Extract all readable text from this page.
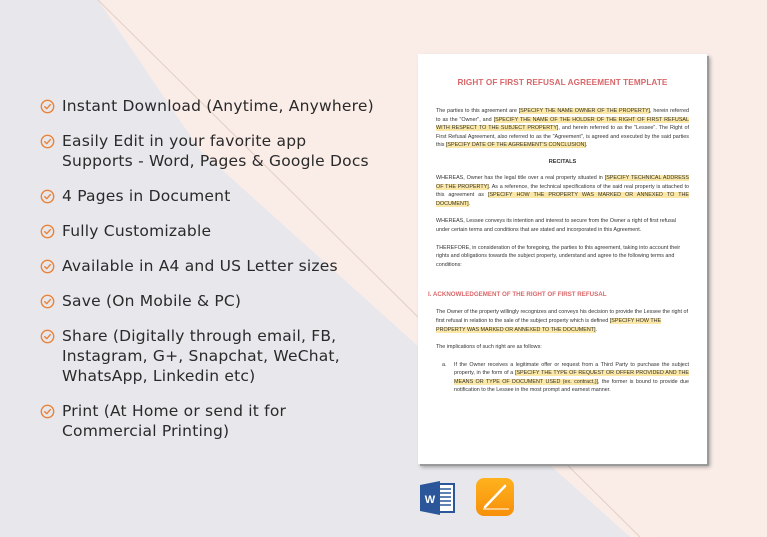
Instant Download (Anytime, Anywhere)
Easily Edit in your favorite app
Supports - Word, Pages & Google Docs
4 Pages in Document
Fully Customizable
Available in A4 and US Letter sizes
Save (On Mobile & PC)
Share (Digitally through email, FB,
Instagram, G+, Snapchat, WeChat,
WhatsApp, Linkedin etc)
Print (At Home or send it for
Commercial Printing)
RIGHT OF FIRST REFUSAL AGREEMENT TEMPLATE
The parties to this agreement are [SPECIFY THE NAME OWNER OF THE PROPERTY], herein referred to as the "Owner", and [SPECIFY THE NAME OF THE HOLDER OF THE RIGHT OF FIRST REFUSAL WITH RESPECT TO THE SUBJECT PROPERTY], and herein referred to as the "Lessee". The Right of First Refusal Agreement, also referred to as the "Agreement", is agreed and executed by the said parties this [SPECIFY DATE OF THE AGREEMENT'S CONCLUSION].
RECITALS
WHEREAS, Owner has the legal title over a real property situated in [SPECIFY TECHNICAL ADDRESS OF THE PROPERTY]. As a reference, the technical specifications of the said real property is attached to this agreement as [SPECIFY HOW THE PROPERTY WAS MARKED OR ANNEXED TO THE DOCUMENT].
WHEREAS, Lessee conveys its intention and interest to secure from the Owner a right of first refusal under certain terms and conditions that are stated and incorporated in this Agreement.
THEREFORE, in consideration of the foregoing, the parties to this agreement, taking into account their rights and obligations towards the subject property, understand and agree to the following terms and conditions:
I. ACKNOWLEDGEMENT OF THE RIGHT OF FIRST REFUSAL
The Owner of the property willingly recognizes and conveys his decision to provide the Lessee the right of first refusal in relation to the sale of the subject property which is defined [SPECIFY HOW THE PROPERTY WAS MARKED OR ANNEXED TO THE DOCUMENT].
The implications of such right are as follows:
a.	If the Owner receives a legitimate offer or request from a Third Party to purchase the subject property, in the form of a [SPECIFY THE TYPE OF REQUEST OR OFFER PROVIDED AND THE MEANS OR TYPE OF DOCUMENT USED (ex. contract,)], the former is bound to provide due notification to the Lessee in the most prompt and earnest manner.
W
